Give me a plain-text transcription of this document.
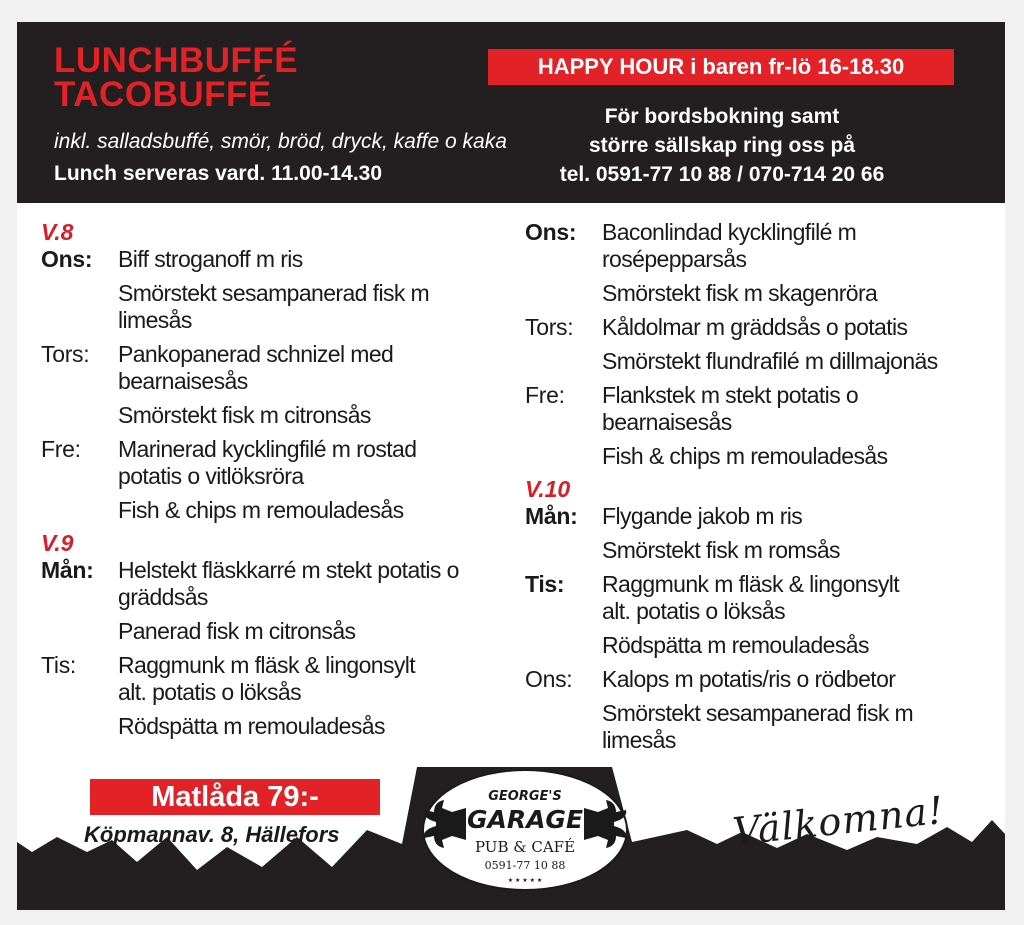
LUNCHBUFFÉ
TACOBUFFÉ
inkl. salladsbuffé, smör, bröd, dryck, kaffe o kaka
Lunch serveras vard. 11.00-14.30
HAPPY HOUR i baren fr-lö 16-18.30
För bordsbokning samt
större sällskap ring oss på
tel. 0591-77 10 88 / 070-714 20 66
V.8
Ons:	Biff stroganoff m ris
Smörstekt sesampanerad fisk m
limesås
Tors:	Pankopanerad schnizel med
bearnaisesås
Smörstekt fisk m citronsås
Fre:	Marinerad kycklingfilé m rostad
potatis o vitlöksröra
Fish & chips m remouladesås
V.9
Mån:	Helstekt fläskkarré m stekt potatis o
gräddsås
Panerad fisk m citronsås
Tis:	Raggmunk m fläsk & lingonsylt
alt. potatis o löksås
Rödspätta m remouladesås
Ons:	Baconlindad kycklingfilé m
rosépepparsås
Smörstekt fisk m skagenröra
Tors:	Kåldolmar m gräddsås o potatis
Smörstekt flundrafilé m dillmajonäs
Fre:	Flankstek m stekt potatis o
bearnaisesås
Fish & chips m remouladesås
V.10
Mån:	Flygande jakob m ris
Smörstekt fisk m romsås
Tis:	Raggmunk m fläsk & lingonsylt
alt. potatis o löksås
Rödspätta m remouladesås
Ons:	Kalops m potatis/ris o rödbetor
Smörstekt sesampanerad fisk m
limesås
Matlåda 79:-
Köpmannav. 8, Hällefors
GEORGE'S
GARAGE
est	2020
PUB & CAFÉ
0591-77 10 88
★ ★ ★ ★ ★
Välkomna!
